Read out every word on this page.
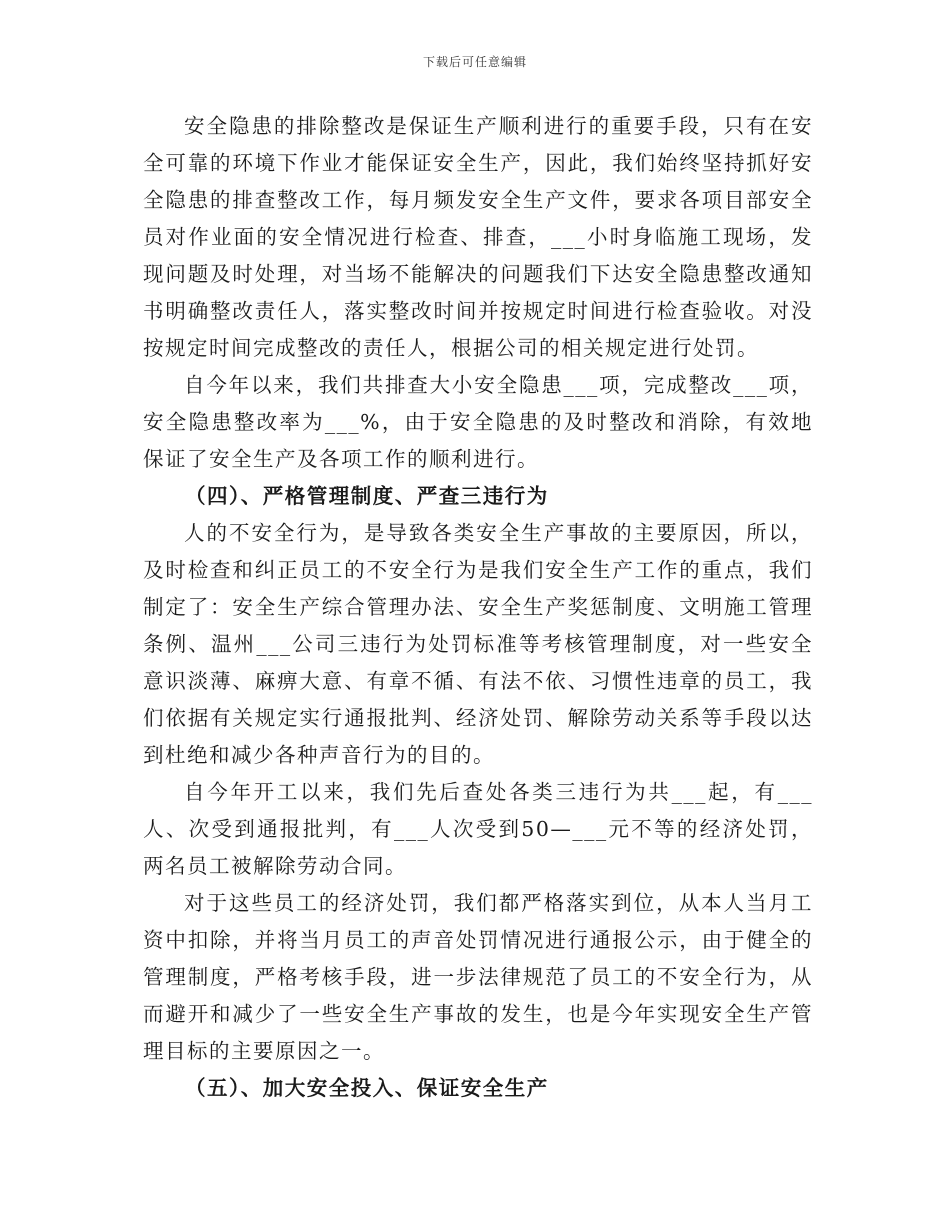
下载后可任意编辑

安全隐患的排除整改是保证生产顺利进行的重要手段，只有在安全可靠的环境下作业才能保证安全生产，因此，我们始终坚持抓好安全隐患的排查整改工作，每月频发安全生产文件，要求各项目部安全员对作业面的安全情况进行检查、排查，___小时身临施工现场，发现问题及时处理，对当场不能解决的问题我们下达安全隐患整改通知书明确整改责任人，落实整改时间并按规定时间进行检查验收。对没按规定时间完成整改的责任人，根据公司的相关规定进行处罚。

自今年以来，我们共排查大小安全隐患___项，完成整改___项，安全隐患整改率为___%，由于安全隐患的及时整改和消除，有效地保证了安全生产及各项工作的顺利进行。

（四）、严格管理制度、严查三违行为

人的不安全行为，是导致各类安全生产事故的主要原因，所以，及时检查和纠正员工的不安全行为是我们安全生产工作的重点，我们制定了：安全生产综合管理办法、安全生产奖惩制度、文明施工管理条例、温州___公司三违行为处罚标准等考核管理制度，对一些安全意识淡薄、麻痹大意、有章不循、有法不依、习惯性违章的员工，我们依据有关规定实行通报批判、经济处罚、解除劳动关系等手段以达到杜绝和减少各种声音行为的目的。

自今年开工以来，我们先后查处各类三违行为共___起，有___人、次受到通报批判，有___人次受到50—___元不等的经济处罚，两名员工被解除劳动合同。

对于这些员工的经济处罚，我们都严格落实到位，从本人当月工资中扣除，并将当月员工的声音处罚情况进行通报公示，由于健全的管理制度，严格考核手段，进一步法律规范了员工的不安全行为，从而避开和减少了一些安全生产事故的发生，也是今年实现安全生产管理目标的主要原因之一。

（五）、加大安全投入、保证安全生产
